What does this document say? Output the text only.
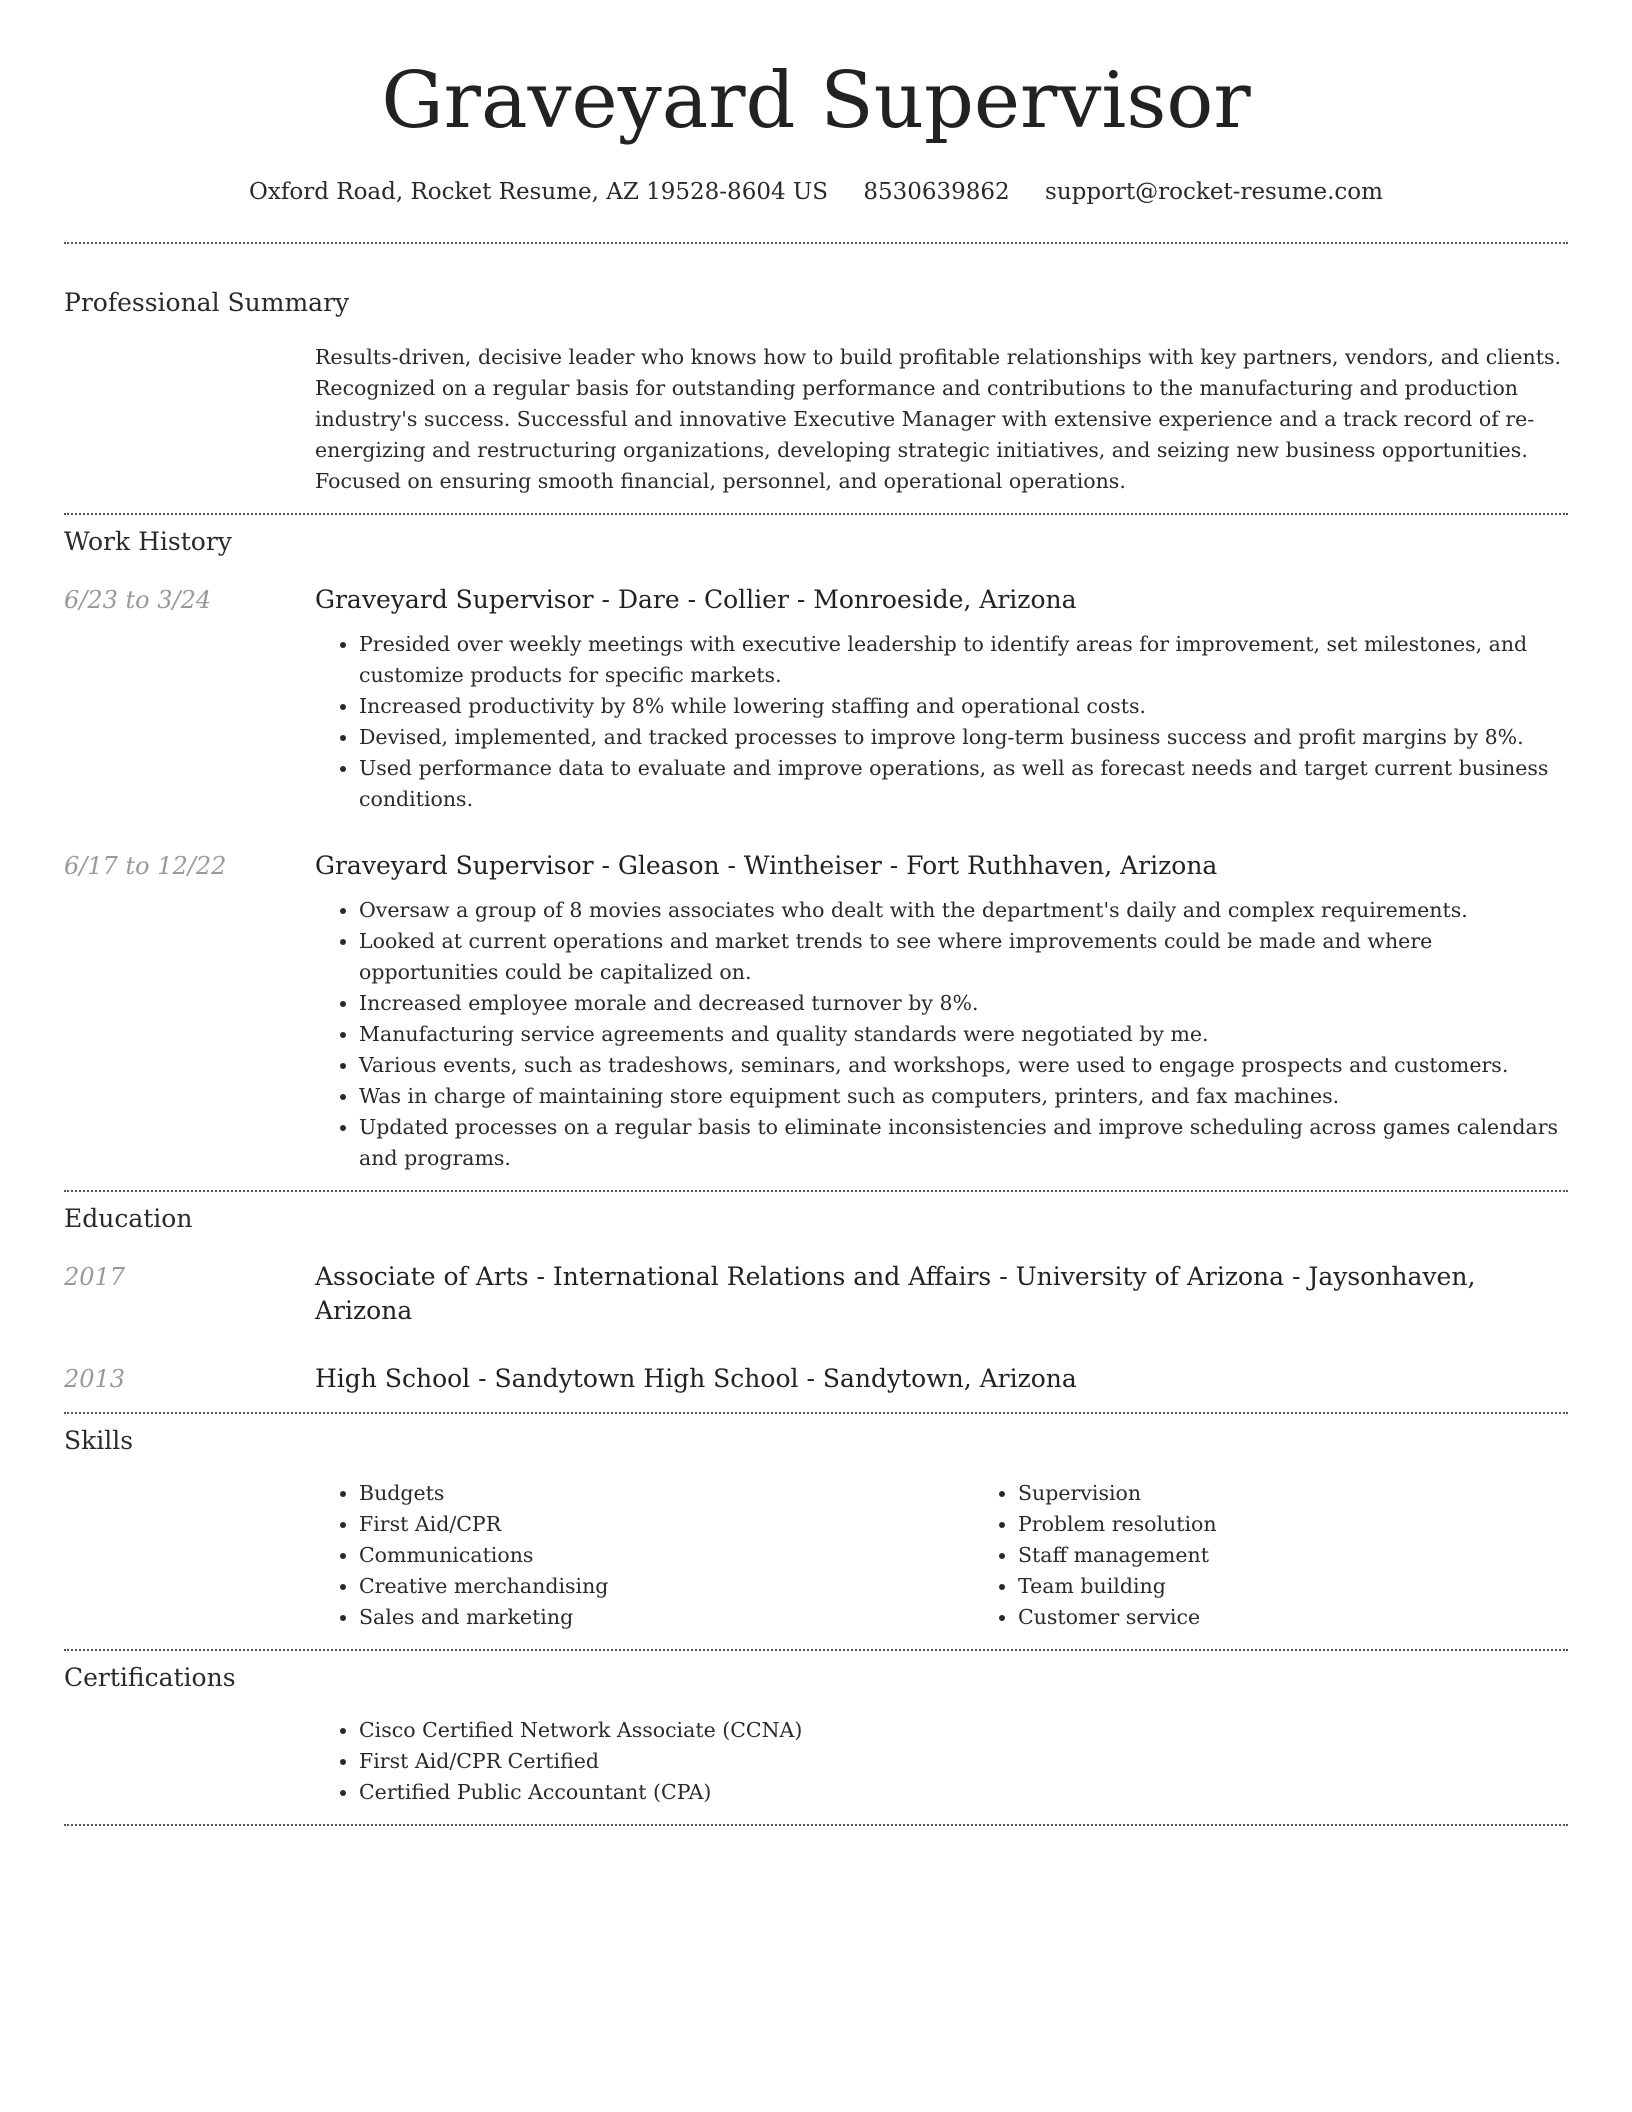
Graveyard Supervisor
Oxford Road, Rocket Resume, AZ 19528-8604 US 8530639862 support@rocket-resume.com
Professional Summary

Results-driven, decisive leader who knows how to build profitable relationships with key partners, vendors, and clients. Recognized on a regular basis for outstanding performance and contributions to the manufacturing and production industry's success. Successful and innovative Executive Manager with extensive experience and a track record of re-energizing and restructuring organizations, developing strategic initiatives, and seizing new business opportunities. Focused on ensuring smooth financial, personnel, and operational operations.

Work History
6/23 to 3/24	Graveyard Supervisor - Dare - Collier - Monroeside, Arizona
• Presided over weekly meetings with executive leadership to identify areas for improvement, set milestones, and customize products for specific markets.
• Increased productivity by 8% while lowering staffing and operational costs.
• Devised, implemented, and tracked processes to improve long-term business success and profit margins by 8%.
• Used performance data to evaluate and improve operations, as well as forecast needs and target current business conditions.
6/17 to 12/22	Graveyard Supervisor - Gleason - Wintheiser - Fort Ruthhaven, Arizona
• Oversaw a group of 8 movies associates who dealt with the department's daily and complex requirements.
• Looked at current operations and market trends to see where improvements could be made and where opportunities could be capitalized on.
• Increased employee morale and decreased turnover by 8%.
• Manufacturing service agreements and quality standards were negotiated by me.
• Various events, such as tradeshows, seminars, and workshops, were used to engage prospects and customers.
• Was in charge of maintaining store equipment such as computers, printers, and fax machines.
• Updated processes on a regular basis to eliminate inconsistencies and improve scheduling across games calendars and programs.
Education
2017	Associate of Arts - International Relations and Affairs - University of Arizona - Jaysonhaven, Arizona
2013	High School - Sandytown High School - Sandytown, Arizona
Skills
• Budgets
• First Aid/CPR
• Communications
• Creative merchandising
• Sales and marketing
• Supervision
• Problem resolution
• Staff management
• Team building
• Customer service
Certifications
• Cisco Certified Network Associate (CCNA)
• First Aid/CPR Certified
• Certified Public Accountant (CPA)
